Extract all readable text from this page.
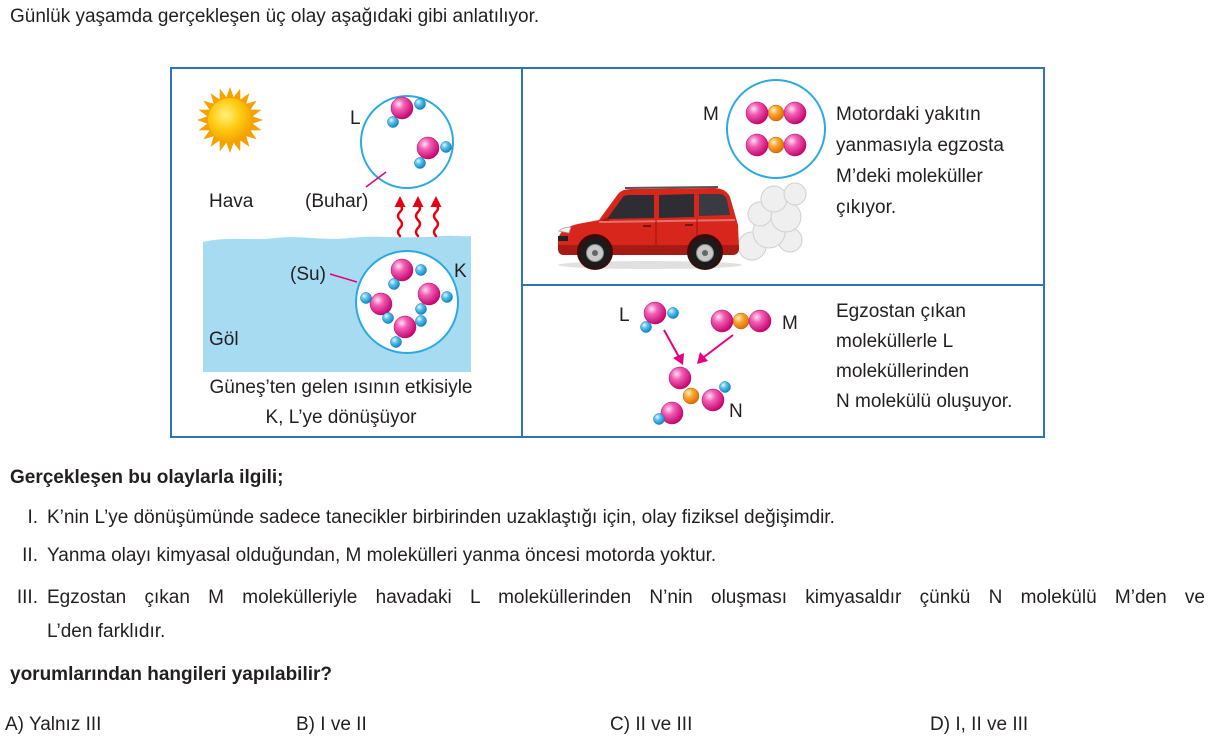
L
Hava	(Buhar)
(Su)	K
Göl
Güneş’ten gelen ısının etkisiyle
K, L’ye dönüşüyor
M	Motordaki yakıtın
yanmasıyla egzosta
M’deki moleküller
çıkıyor.
L	M
N
Egzostan çıkan
moleküllerle L
moleküllerinden
N molekülü oluşuyor.
Günlük yaşamda gerçekleşen üç olay aşağıdaki gibi anlatılıyor.
Gerçekleşen bu olaylarla ilgili;
I. K’nin L’ye dönüşümünde sadece tanecikler birbirinden uzaklaştığı için, olay fiziksel değişimdir.
II. Yanma olayı kimyasal olduğundan, M molekülleri yanma öncesi motorda yoktur.
III. Egzostan çıkan M molekülleriyle havadaki L moleküllerinden N’nin oluşması kimyasaldır çünkü N molekülü M’den ve
L’den farklıdır.
yorumlarından hangileri yapılabilir?
A) Yalnız III	B) I ve II	C) II ve III	D) I, II ve III
